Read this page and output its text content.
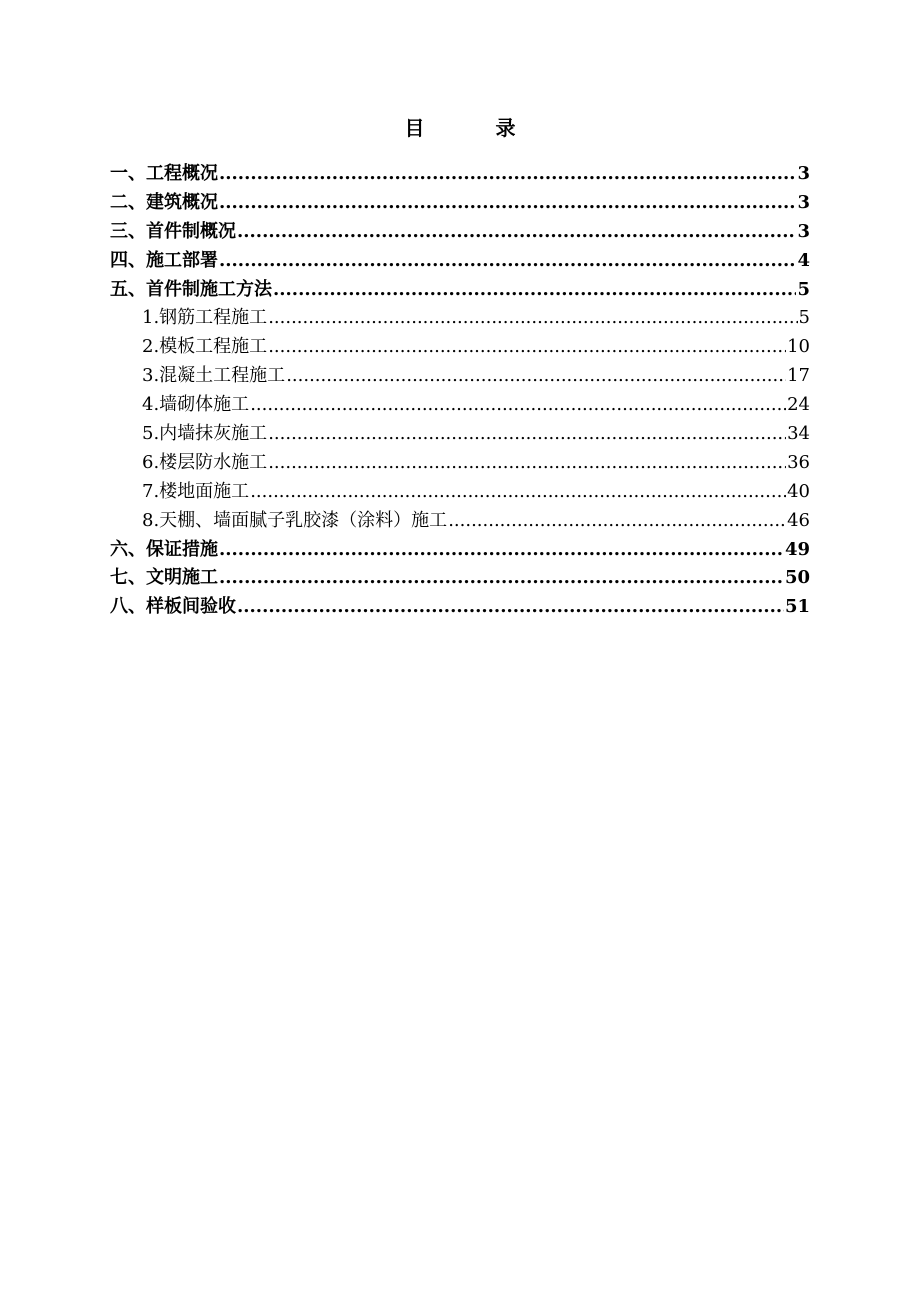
目 录
一、工程概况 .....	3
二、建筑概况 .....	3
三、首件制概况 .....	3
四、施工部署 .....	4
五、首件制施工方法 .....	5
1.钢筋工程施工 .....	5
2.模板工程施工 .....	10
3.混凝土工程施工 .....	17
4.墙砌体施工 .....	24
5.内墙抹灰施工 .....	34
6.楼层防水施工 .....	36
7.楼地面施工 .....	40
8.天棚、墙面腻子乳胶漆（涂料）施工 .....	46
六、保证措施 .....	49
七、文明施工 .....	50
八、样板间验收 .....	51
